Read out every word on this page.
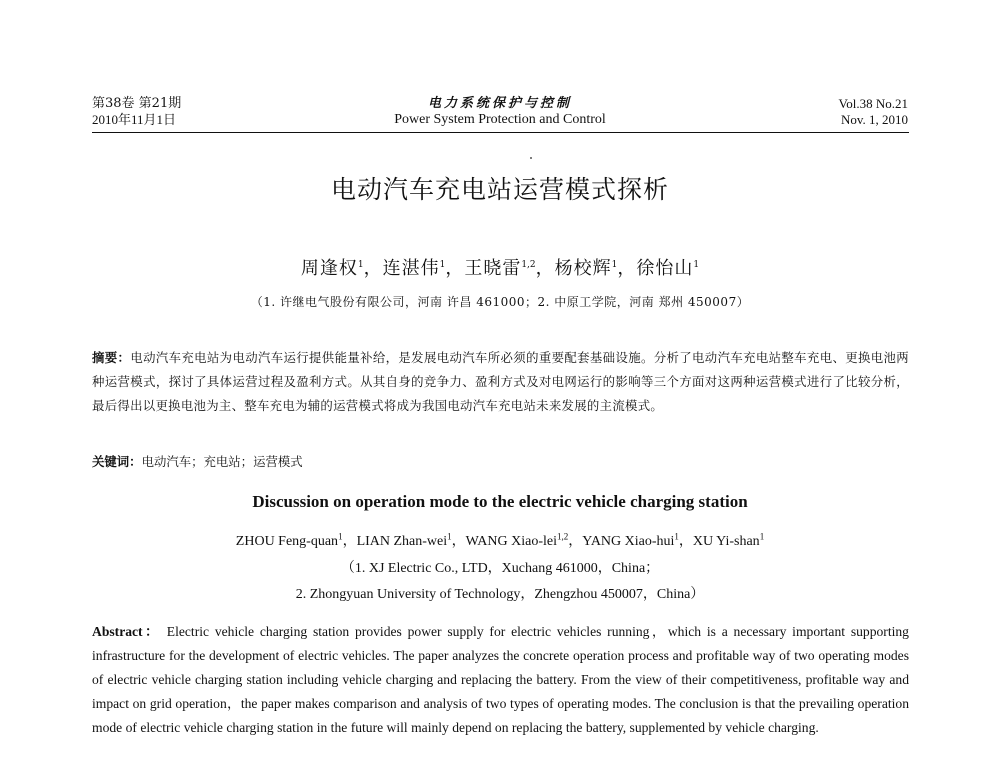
第38卷 第21期
2010年11月1日
电力系统保护与控制
Power System Protection and Control
Vol.38 No.21
Nov. 1, 2010
电动汽车充电站运营模式探析
周逢权$^1$，连湛伟$^1$，王晓雷$^{1,2}$，杨校辉$^1$，徐怡山$^1$
（1. 许继电气股份有限公司，河南 许昌 461000；2. 中原工学院，河南 郑州 450007）
摘要：电动汽车充电站为电动汽车运行提供能量补给，是发展电动汽车所必须的重要配套基础设施。分析了电动汽车充电站整车充电、更换电池两种运营模式，探讨了具体运营过程及盈利方式。从其自身的竞争力、盈利方式及对电网运行的影响等三个方面对这两种运营模式进行了比较分析，最后得出以更换电池为主、整车充电为辅的运营模式将成为我国电动汽车充电站未来发展的主流模式。
关键词：电动汽车；充电站；运营模式
Discussion on operation mode to the electric vehicle charging station
ZHOU Feng-quan$^1$，LIAN Zhan-wei$^1$，WANG Xiao-lei$^{1,2}$，YANG Xiao-hui$^1$，XU Yi-shan$^1$
（1. XJ Electric Co., LTD，Xuchang 461000，China；
2. Zhongyuan University of Technology，Zhengzhou 450007，China）
Abstract： Electric vehicle charging station provides power supply for electric vehicles running，which is a necessary important supporting infrastructure for the development of electric vehicles. The paper analyzes the concrete operation process and profitable way of two operating modes of electric vehicle charging station including vehicle charging and replacing the battery. From the view of their competitiveness, profitable way and impact on grid operation，the paper makes comparison and analysis of two types of operating modes. The conclusion is that the prevailing operation mode of electric vehicle charging station in the future will mainly depend on replacing the battery, supplemented by vehicle charging.
